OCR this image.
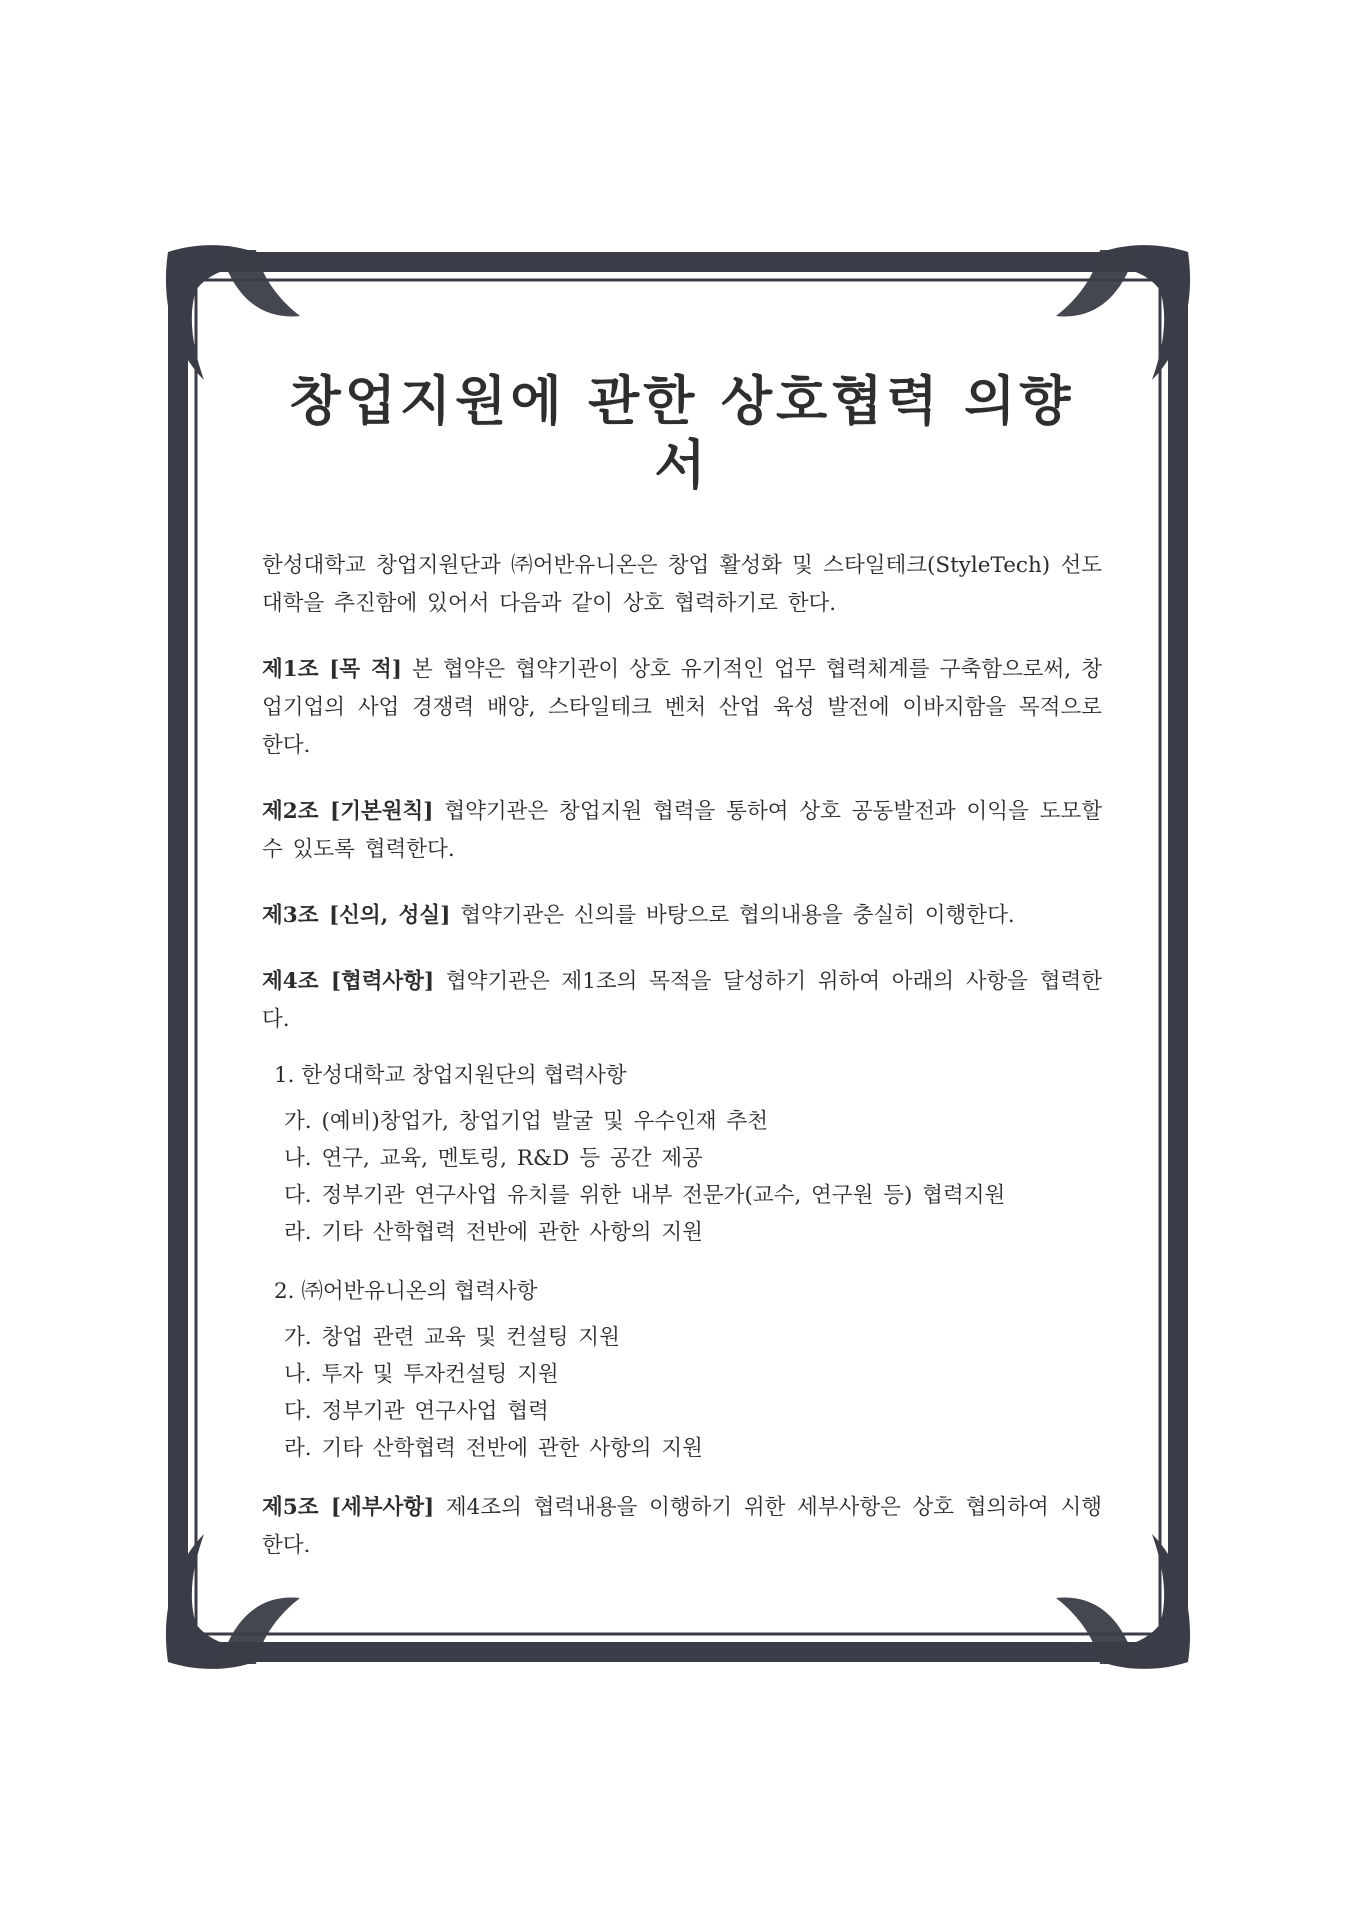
창업지원에 관한 상호협력 의향서

한성대학교 창업지원단과 ㈜어반유니온은 창업 활성화 및 스타일테크(StyleTech) 선도대학을 추진함에 있어서 다음과 같이 상호 협력하기로 한다.

제1조 [목 적] 본 협약은 협약기관이 상호 유기적인 업무 협력체계를 구축함으로써, 창업기업의 사업 경쟁력 배양, 스타일테크 벤처 산업 육성 발전에 이바지함을 목적으로 한다.

제2조 [기본원칙] 협약기관은 창업지원 협력을 통하여 상호 공동발전과 이익을 도모할 수 있도록 협력한다.

제3조 [신의, 성실] 협약기관은 신의를 바탕으로 협의내용을 충실히 이행한다.

제4조 [협력사항] 협약기관은 제1조의 목적을 달성하기 위하여 아래의 사항을 협력한다.

1. 한성대학교 창업지원단의 협력사항
가. (예비)창업가, 창업기업 발굴 및 우수인재 추천
나. 연구, 교육, 멘토링, R&D 등 공간 제공
다. 정부기관 연구사업 유치를 위한 내부 전문가(교수, 연구원 등) 협력지원
라. 기타 산학협력 전반에 관한 사항의 지원
2. ㈜어반유니온의 협력사항
가. 창업 관련 교육 및 컨설팅 지원
나. 투자 및 투자컨설팅 지원
다. 정부기관 연구사업 협력
라. 기타 산학협력 전반에 관한 사항의 지원

제5조 [세부사항] 제4조의 협력내용을 이행하기 위한 세부사항은 상호 협의하여 시행한다.
